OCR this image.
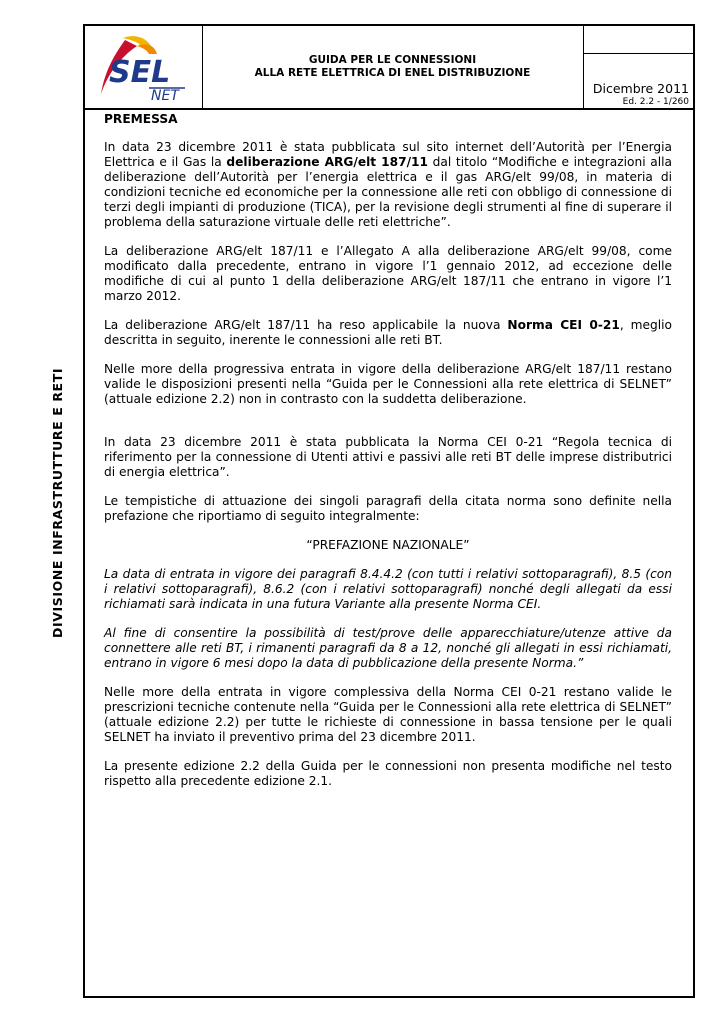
SEL
NET
GUIDA PER LE CONNESSIONI
ALLA RETE ELETTRICA DI ENEL DISTRIBUZIONE
Dicembre 2011
Ed. 2.2 - 1/260
DIVISIONE INFRASTRUTTURE E RETI

PREMESSA

In data 23 dicembre 2011 è stata pubblicata sul sito internet dell’Autorità per l’Energia Elettrica e il Gas la deliberazione ARG/elt 187/11 dal titolo “Modifiche e integrazioni alla deliberazione dell’Autorità per l’energia elettrica e il gas ARG/elt 99/08, in materia di condizioni tecniche ed economiche per la connessione alle reti con obbligo di connessione di terzi degli impianti di produzione (TICA), per la revisione degli strumenti al fine di superare il problema della saturazione virtuale delle reti elettriche”.

La deliberazione ARG/elt 187/11 e l’Allegato A alla deliberazione ARG/elt 99/08, come modificato dalla precedente, entrano in vigore l’1 gennaio 2012, ad eccezione delle modifiche di cui al punto 1 della deliberazione ARG/elt 187/11 che entrano in vigore l’1 marzo 2012.

La deliberazione ARG/elt 187/11 ha reso applicabile la nuova Norma CEI 0-21, meglio descritta in seguito, inerente le connessioni alle reti BT.

Nelle more della progressiva entrata in vigore della deliberazione ARG/elt 187/11 restano valide le disposizioni presenti nella “Guida per le Connessioni alla rete elettrica di SELNET” (attuale edizione 2.2) non in contrasto con la suddetta deliberazione.

In data 23 dicembre 2011 è stata pubblicata la Norma CEI 0-21 “Regola tecnica di riferimento per la connessione di Utenti attivi e passivi alle reti BT delle imprese distributrici di energia elettrica”.

Le tempistiche di attuazione dei singoli paragrafi della citata norma sono definite nella prefazione che riportiamo di seguito integralmente:

“PREFAZIONE NAZIONALE”

La data di entrata in vigore dei paragrafi 8.4.4.2 (con tutti i relativi sottoparagrafi), 8.5 (con i relativi sottoparagrafi), 8.6.2 (con i relativi sottoparagrafi) nonché degli allegati da essi richiamati sarà indicata in una futura Variante alla presente Norma CEI.

Al fine di consentire la possibilità di test/prove delle apparecchiature/utenze attive da connettere alle reti BT, i rimanenti paragrafi da 8 a 12, nonché gli allegati in essi richiamati, entrano in vigore 6 mesi dopo la data di pubblicazione della presente Norma.”

Nelle more della entrata in vigore complessiva della Norma CEI 0-21 restano valide le prescrizioni tecniche contenute nella “Guida per le Connessioni alla rete elettrica di SELNET” (attuale edizione 2.2) per tutte le richieste di connessione in bassa tensione per le quali SELNET ha inviato il preventivo prima del 23 dicembre 2011.

La presente edizione 2.2 della Guida per le connessioni non presenta modifiche nel testo rispetto alla precedente edizione 2.1.
